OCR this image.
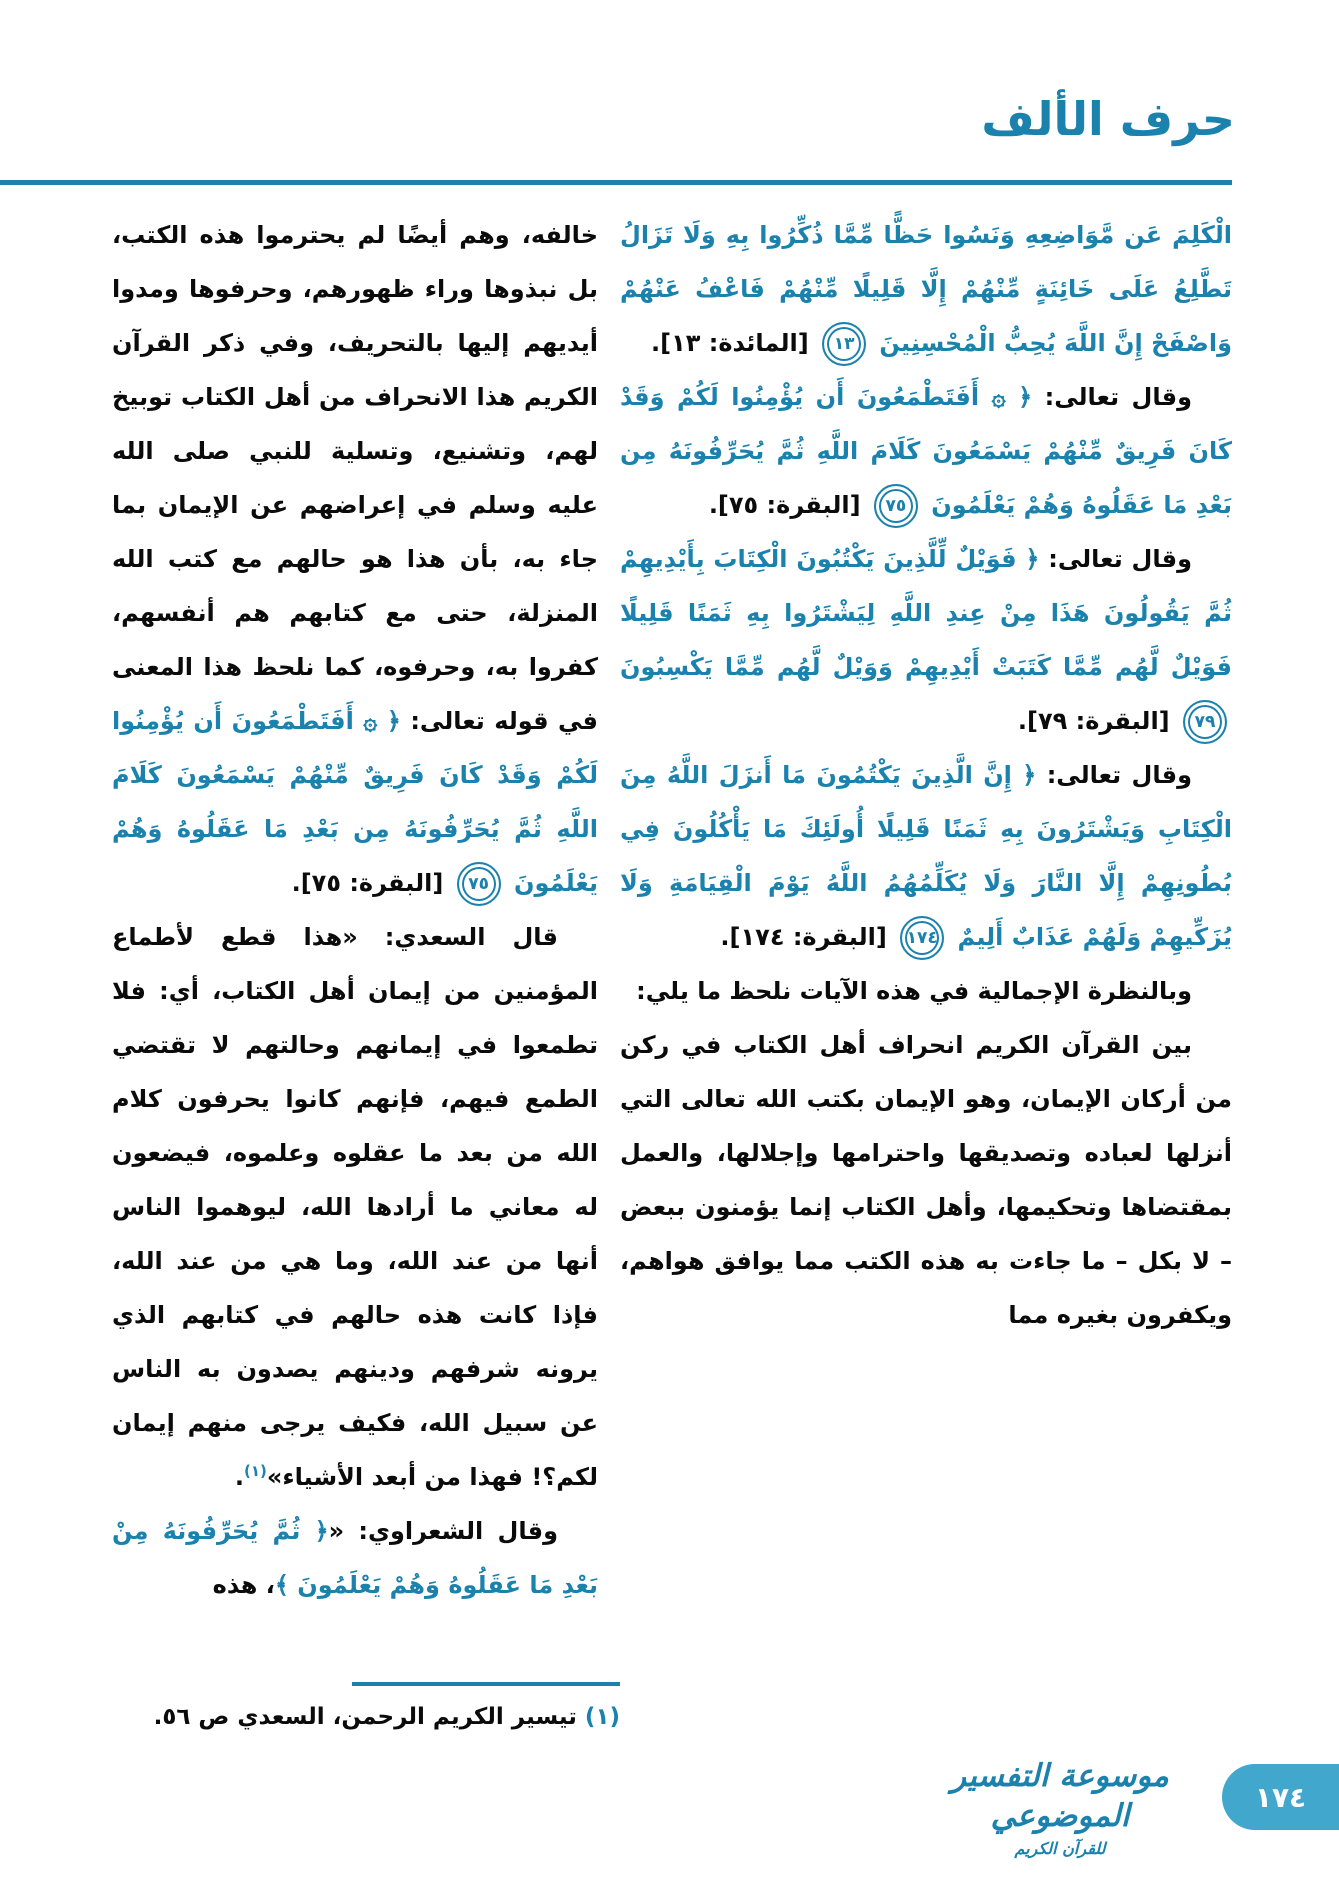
حرف الألف

الْكَلِمَ عَن مَّوَاضِعِهِ وَنَسُوا حَظًّا مِّمَّا ذُكِّرُوا بِهِ وَلَا تَزَالُ تَطَّلِعُ عَلَى خَائِنَةٍ مِّنْهُمْ إِلَّا قَلِيلًا مِّنْهُمْ فَاعْفُ عَنْهُمْ وَاصْفَحْ إِنَّ اللَّهَ يُحِبُّ الْمُحْسِنِينَ ١٣ [المائدة: ١٣].

وقال تعالى: ﴿ ۞ أَفَتَطْمَعُونَ أَن يُؤْمِنُوا لَكُمْ وَقَدْ كَانَ فَرِيقٌ مِّنْهُمْ يَسْمَعُونَ كَلَامَ اللَّهِ ثُمَّ يُحَرِّفُونَهُ مِن بَعْدِ مَا عَقَلُوهُ وَهُمْ يَعْلَمُونَ ٧٥ [البقرة: ٧٥].

وقال تعالى: ﴿ فَوَيْلٌ لِّلَّذِينَ يَكْتُبُونَ الْكِتَابَ بِأَيْدِيهِمْ ثُمَّ يَقُولُونَ هَذَا مِنْ عِندِ اللَّهِ لِيَشْتَرُوا بِهِ ثَمَنًا قَلِيلًا فَوَيْلٌ لَّهُم مِّمَّا كَتَبَتْ أَيْدِيهِمْ وَوَيْلٌ لَّهُم مِّمَّا يَكْسِبُونَ ٧٩ [البقرة: ٧٩].

وقال تعالى: ﴿ إِنَّ الَّذِينَ يَكْتُمُونَ مَا أَنزَلَ اللَّهُ مِنَ الْكِتَابِ وَيَشْتَرُونَ بِهِ ثَمَنًا قَلِيلًا أُولَئِكَ مَا يَأْكُلُونَ فِي بُطُونِهِمْ إِلَّا النَّارَ وَلَا يُكَلِّمُهُمُ اللَّهُ يَوْمَ الْقِيَامَةِ وَلَا يُزَكِّيهِمْ وَلَهُمْ عَذَابٌ أَلِيمٌ ١٧٤ [البقرة: ١٧٤].

وبالنظرة الإجمالية في هذه الآيات نلحظ ما يلي:

بين القرآن الكريم انحراف أهل الكتاب في ركن من أركان الإيمان، وهو الإيمان بكتب الله تعالى التي أنزلها لعباده وتصديقها واحترامها وإجلالها، والعمل بمقتضاها وتحكيمها، وأهل الكتاب إنما يؤمنون ببعض – لا بكل – ما جاءت به هذه الكتب مما يوافق هواهم، ويكفرون بغيره مما

خالفه، وهم أيضًا لم يحترموا هذه الكتب، بل نبذوها وراء ظهورهم، وحرفوها ومدوا أيديهم إليها بالتحريف، وفي ذكر القرآن الكريم هذا الانحراف من أهل الكتاب توبيخ لهم، وتشنيع، وتسلية للنبي صلى الله عليه وسلم في إعراضهم عن الإيمان بما جاء به، بأن هذا هو حالهم مع كتب الله المنزلة، حتى مع كتابهم هم أنفسهم، كفروا به، وحرفوه، كما نلحظ هذا المعنى في قوله تعالى: ﴿ ۞ أَفَتَطْمَعُونَ أَن يُؤْمِنُوا لَكُمْ وَقَدْ كَانَ فَرِيقٌ مِّنْهُمْ يَسْمَعُونَ كَلَامَ اللَّهِ ثُمَّ يُحَرِّفُونَهُ مِن بَعْدِ مَا عَقَلُوهُ وَهُمْ يَعْلَمُونَ ٧٥ [البقرة: ٧٥].

قال السعدي: «هذا قطع لأطماع المؤمنين من إيمان أهل الكتاب، أي: فلا تطمعوا في إيمانهم وحالتهم لا تقتضي الطمع فيهم، فإنهم كانوا يحرفون كلام الله من بعد ما عقلوه وعلموه، فيضعون له معاني ما أرادها الله، ليوهموا الناس أنها من عند الله، وما هي من عند الله، فإذا كانت هذه حالهم في كتابهم الذي يرونه شرفهم ودينهم يصدون به الناس عن سبيل الله، فكيف يرجى منهم إيمان لكم؟! فهذا من أبعد الأشياء»$^{(١)}$.

وقال الشعراوي: «﴿ ثُمَّ يُحَرِّفُونَهُ مِنْ بَعْدِ مَا عَقَلُوهُ وَهُمْ يَعْلَمُونَ ﴾، هذه

(١) تيسير الكريم الرحمن، السعدي ص ٥٦.
موسوعة التفسير الموضوعي
للقرآن الكريم
١٧٤
